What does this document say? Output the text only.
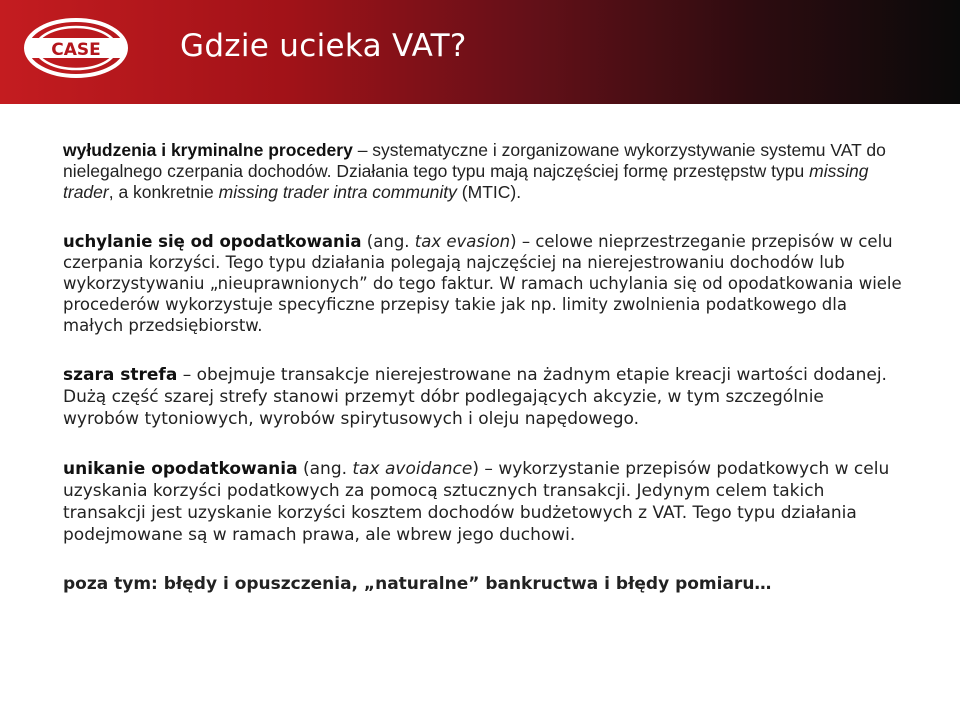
CASE	Gdzie ucieka VAT?

wyłudzenia i kryminalne procedery – systematyczne i zorganizowane wykorzystywanie systemu VAT do nielegalnego czerpania dochodów. Działania tego typu mają najczęściej formę przestępstw typu missing trader, a konkretnie missing trader intra community (MTIC).

uchylanie się od opodatkowania (ang. tax evasion) – celowe nieprzestrzeganie przepisów w celu czerpania korzyści. Tego typu działania polegają najczęściej na nierejestrowaniu dochodów lub wykorzystywaniu „nieuprawnionych” do tego faktur. W ramach uchylania się od opodatkowania wiele procederów wykorzystuje specyficzne przepisy takie jak np. limity zwolnienia podatkowego dla małych przedsiębiorstw.

szara strefa – obejmuje transakcje nierejestrowane na żadnym etapie kreacji wartości dodanej. Dużą część szarej strefy stanowi przemyt dóbr podlegających akcyzie, w tym szczególnie wyrobów tytoniowych, wyrobów spirytusowych i oleju napędowego.

unikanie opodatkowania (ang. tax avoidance) – wykorzystanie przepisów podatkowych w celu uzyskania korzyści podatkowych za pomocą sztucznych transakcji. Jedynym celem takich transakcji jest uzyskanie korzyści kosztem dochodów budżetowych z VAT. Tego typu działania podejmowane są w ramach prawa, ale wbrew jego duchowi.

poza tym: błędy i opuszczenia, „naturalne” bankructwa i błędy pomiaru…
